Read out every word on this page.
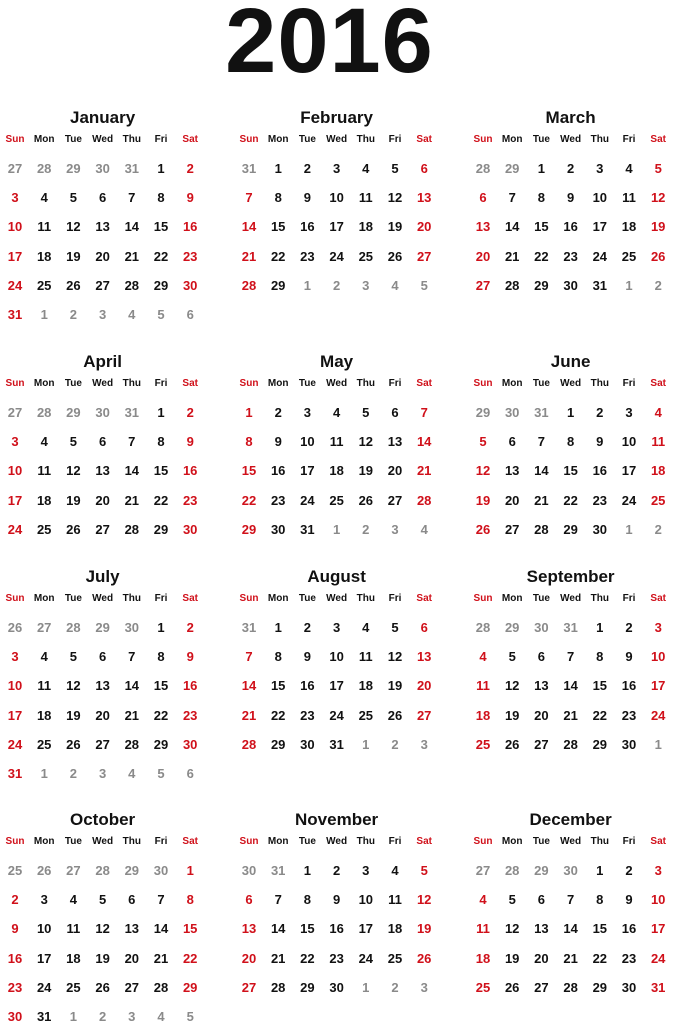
2016
January
Sun Mon	Tue	Wed Thu	Fri	Sat
27	28	29	30	31	1	2
3	4	5	6	7	8	9
10	11	12	13	14	15	16
17	18	19	20	21	22	23
24	25	26	27	28	29	30
31	1	2	3	4	5	6
February
Sun Mon	Tue	Wed Thu	Fri	Sat
31	1	2	3	4	5	6
7	8	9	10	11	12	13
14	15	16	17	18	19	20
21	22	23	24	25	26	27
28	29	1	2	3	4	5
March
Sun Mon	Tue	Wed Thu	Fri	Sat
28	29	1	2	3	4	5
6	7	8	9	10	11	12
13	14	15	16	17	18	19
20	21	22	23	24	25	26
27	28	29	30	31	1	2
April
Sun Mon	Tue	Wed Thu	Fri	Sat
27	28	29	30	31	1	2
3	4	5	6	7	8	9
10	11	12	13	14	15	16
17	18	19	20	21	22	23
24	25	26	27	28	29	30
May
Sun Mon	Tue	Wed Thu	Fri	Sat
1	2	3	4	5	6	7
8	9	10	11	12	13	14
15	16	17	18	19	20	21
22	23	24	25	26	27	28
29	30	31	1	2	3	4
June
Sun Mon	Tue	Wed Thu	Fri	Sat
29	30	31	1	2	3	4
5	6	7	8	9	10	11
12	13	14	15	16	17	18
19	20	21	22	23	24	25
26	27	28	29	30	1	2
July
Sun Mon	Tue	Wed Thu	Fri	Sat
26	27	28	29	30	1	2
3	4	5	6	7	8	9
10	11	12	13	14	15	16
17	18	19	20	21	22	23
24	25	26	27	28	29	30
31	1	2	3	4	5	6
August
Sun Mon	Tue	Wed Thu	Fri	Sat
31	1	2	3	4	5	6
7	8	9	10	11	12	13
14	15	16	17	18	19	20
21	22	23	24	25	26	27
28	29	30	31	1	2	3
September
Sun Mon	Tue	Wed Thu	Fri	Sat
28	29	30	31	1	2	3
4	5	6	7	8	9	10
11	12	13	14	15	16	17
18	19	20	21	22	23	24
25	26	27	28	29	30	1
October
Sun Mon	Tue	Wed Thu	Fri	Sat
25	26	27	28	29	30	1
2	3	4	5	6	7	8
9	10	11	12	13	14	15
16	17	18	19	20	21	22
23	24	25	26	27	28	29
30	31	1	2	3	4	5
November
Sun Mon	Tue	Wed Thu	Fri	Sat
30	31	1	2	3	4	5
6	7	8	9	10	11	12
13	14	15	16	17	18	19
20	21	22	23	24	25	26
27	28	29	30	1	2	3
December
Sun Mon	Tue	Wed Thu	Fri	Sat
27	28	29	30	1	2	3
4	5	6	7	8	9	10
11	12	13	14	15	16	17
18	19	20	21	22	23	24
25	26	27	28	29	30	31
